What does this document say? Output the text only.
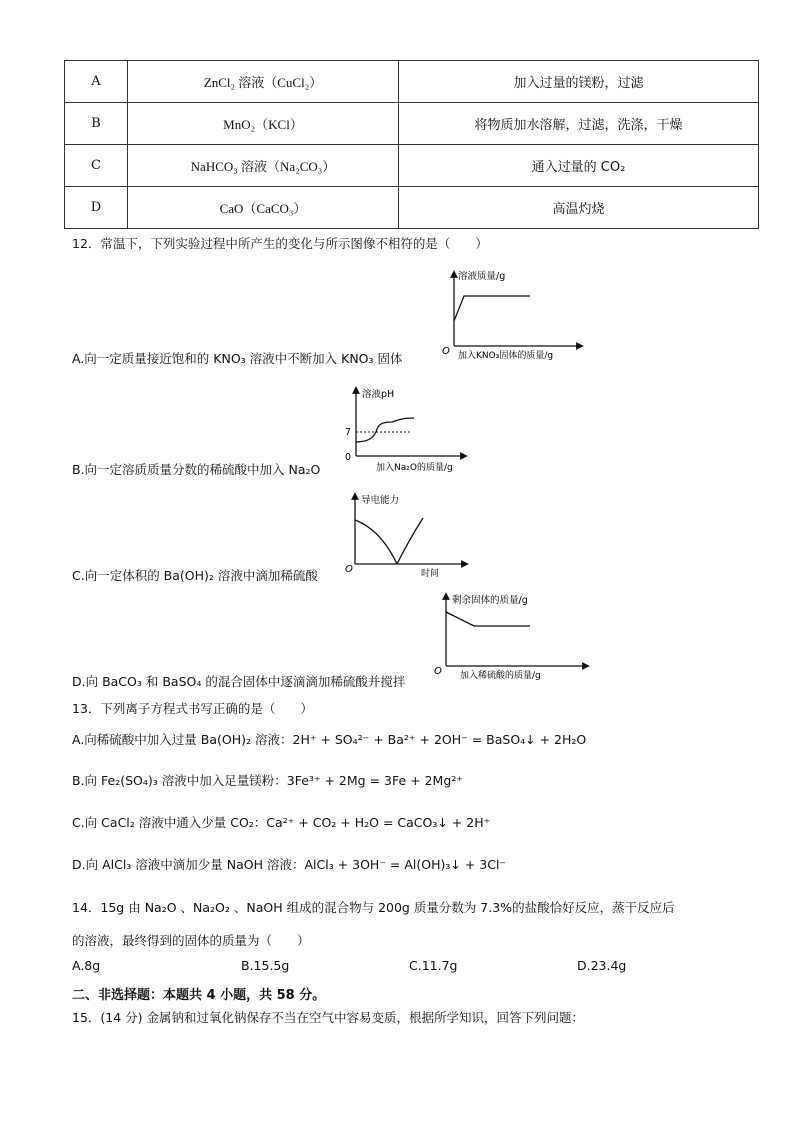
A	ZnCl₂ 溶液（CuCl₂）	加入过量的镁粉，过滤
B	MnO₂（KCl）	将物质加水溶解，过滤，洗涤，干燥
C	NaHCO₃ 溶液（Na₂CO₃）	通入过量的 CO₂
D	CaO（CaCO₃）	高温灼烧
12．常温下，下列实验过程中所产生的变化与所示图像不相符的是（　　）
A.向一定质量接近饱和的 KNO₃ 溶液中不断加入 KNO₃ 固体
溶液质量/g
O 加入KNO₃固体的质量/g
B.向一定溶质质量分数的稀硫酸中加入 Na₂O
溶液pH
7
0
加入Na₂O的质量/g
C.向一定体积的 Ba(OH)₂ 溶液中滴加稀硫酸
导电能力
O	时间
D.向 BaCO₃ 和 BaSO₄ 的混合固体中逐滴滴加稀硫酸并搅拌
剩余固体的质量/g
O 加入稀硫酸的质量/g
13．下列离子方程式书写正确的是（　　）
A.向稀硫酸中加入过量 Ba(OH)₂ 溶液：2H⁺ + SO₄²⁻ + Ba²⁺ + 2OH⁻ = BaSO₄↓ + 2H₂O
B.向 Fe₂(SO₄)₃ 溶液中加入足量镁粉：3Fe³⁺ + 2Mg = 3Fe + 2Mg²⁺
C.向 CaCl₂ 溶液中通入少量 CO₂：Ca²⁺ + CO₂ + H₂O = CaCO₃↓ + 2H⁺
D.向 AlCl₃ 溶液中滴加少量 NaOH 溶液：AlCl₃ + 3OH⁻ = Al(OH)₃↓ + 3Cl⁻
14．15g 由 Na₂O 、Na₂O₂ 、NaOH 组成的混合物与 200g 质量分数为 7.3%的盐酸恰好反应，蒸干反应后
的溶液，最终得到的固体的质量为（　　）
A.8g	B.15.5g	C.11.7g	D.23.4g
二、非选择题：本题共 4 小题，共 58 分。
15．(14 分) 金属钠和过氧化钠保存不当在空气中容易变质，根据所学知识，回答下列问题：
